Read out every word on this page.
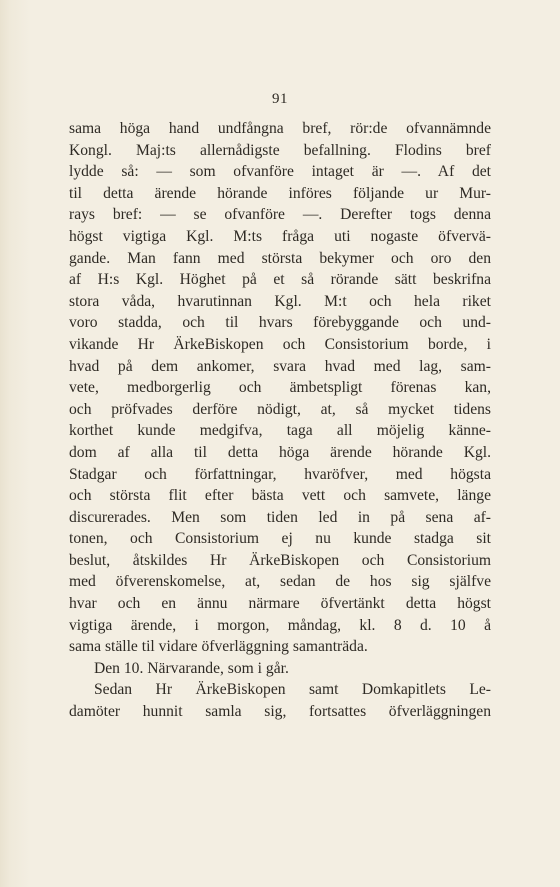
91
sama höga hand undfångna bref, rör:de ofvannämnde
Kongl. Maj:ts allernådigste befallning. Flodins bref
lydde så: — som ofvanföre intaget är —. Af det
til detta ärende hörande införes följande ur Mur-
rays bref: — se ofvanföre —. Derefter togs denna
högst vigtiga Kgl. M:ts fråga uti nogaste öfvervä-
gande. Man fann med största bekymer och oro den
af H:s Kgl. Höghet på et så rörande sätt beskrifna
stora våda, hvarutinnan Kgl. M:t och hela riket
voro stadda, och til hvars förebyggande och und-
vikande Hr ÄrkeBiskopen och Consistorium borde, i
hvad på dem ankomer, svara hvad med lag, sam-
vete, medborgerlig och ämbetspligt förenas kan,
och pröfvades derföre nödigt, at, så mycket tidens
korthet kunde medgifva, taga all möjelig känne-
dom af alla til detta höga ärende hörande Kgl.
Stadgar och författningar, hvaröfver, med högsta
och största flit efter bästa vett och samvete, länge
discurerades. Men som tiden led in på sena af-
tonen, och Consistorium ej nu kunde stadga sit
beslut, åtskildes Hr ÄrkeBiskopen och Consistorium
med öfverenskomelse, at, sedan de hos sig själfve
hvar och en ännu närmare öfvertänkt detta högst
vigtiga ärende, i morgon, måndag, kl. 8 d. 10 å
sama ställe til vidare öfverläggning samanträda.
Den 10. Närvarande, som i går.
Sedan Hr ÄrkeBiskopen samt Domkapitlets Le-
damöter hunnit samla sig, fortsattes öfverläggningen
